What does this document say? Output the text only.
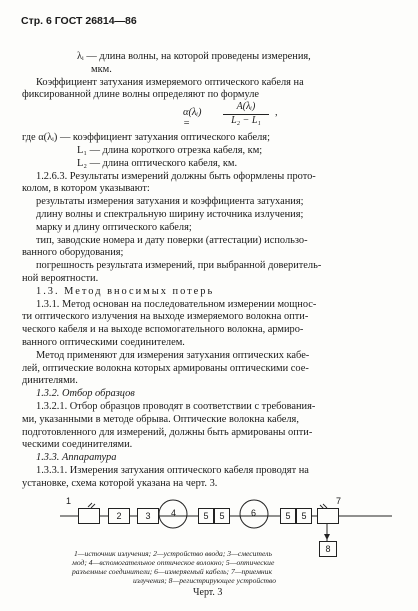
Стр. 6 ГОСТ 26814—86
λᵢ — длина волны, на которой проведены измерения,
мкм.
Коэффициент затухания измеряемого оптического кабеля на
фиксированной длине волны определяют по формуле
α(λᵢ) =
A(λᵢ)
L₂ − L₁
,
где α(λᵢ) — коэффициент затухания оптического кабеля;
L₁ — длина короткого отрезка кабеля, км;
L₂ — длина оптического кабеля, км.
1.2.6.3. Результаты измерений должны быть оформлены прото-
колом, в котором указывают:
результаты измерения затухания и коэффициента затухания;
длину волны и спектральную ширину источника излучения;
марку и длину оптического кабеля;
тип, заводские номера и дату поверки (аттестации) использо-
ванного оборудования;
погрешность результата измерений, при выбранной доверитель-
ной вероятности.
1.3. Метод вносимых потерь
1.3.1. Метод основан на последовательном измерении мощнос-
ти оптического излучения на выходе измеряемого волокна опти-
ческого кабеля и на выходе вспомогательного волокна, армиро-
ванного оптическими соединителем.
Метод применяют для измерения затухания оптических кабе-
лей, оптические волокна которых армированы оптическими сое-
динителями.
1.3.2. Отбор образцов
1.3.2.1. Отбор образцов проводят в соответствии с требования-
ми, указанными в методе обрыва. Оптические волокна кабеля,
подготовленного для измерений, должны быть армированы опти-
ческими соединителями.
1.3.3. Аппаратура
1.3.3.1. Измерения затухания оптического кабеля проводят на
установке, схема которой указана на черт. 3.
2	3	5	5	5	5
8
1
4	6
7
1—источник излучения; 2—устройство ввода; 3—смеситель
мод; 4—вспомогательное оптическое волокно; 5—оптические
разъемные соединители; 6—измеряемый кабель; 7—приемник
излучения; 8—регистрирующее устройство
Черт. 3
